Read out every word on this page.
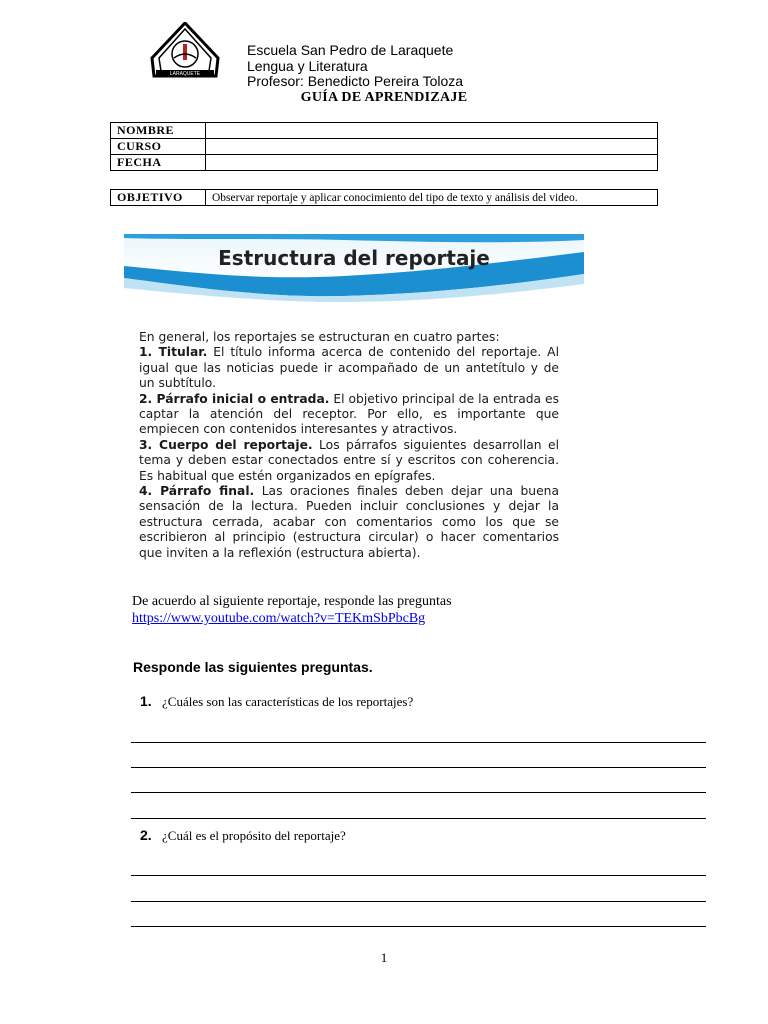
LARAQUETE
Escuela San Pedro de Laraquete
Lengua y Literatura
Profesor: Benedicto Pereira Toloza
GUÍA DE APRENDIZAJE
NOMBRE	
CURSO	
FECHA	
OBJETIVO	Observar reportaje y aplicar conocimiento del tipo de texto y análisis del video.
Estructura del reportaje

En general, los reportajes se estructuran en cuatro partes:

1. Titular. El título informa acerca de contenido del reportaje. Al igual que las noticias puede ir acompañado de un antetítulo y de un subtítulo.

2. Párrafo inicial o entrada. El objetivo principal de la entrada es captar la atención del receptor. Por ello, es importante que empiecen con contenidos interesantes y atractivos.

3. Cuerpo del reportaje. Los párrafos siguientes desarrollan el tema y deben estar conectados entre sí y escritos con coherencia. Es habitual que estén organizados en epígrafes.

4. Párrafo final. Las oraciones finales deben dejar una buena sensación de la lectura. Pueden incluir conclusiones y dejar la estructura cerrada, acabar con comentarios como los que se escribieron al principio (estructura circular) o hacer comentarios que inviten a la reflexión (estructura abierta).

De acuerdo al siguiente reportaje, responde las preguntas
https://www.youtube.com/watch?v=TEKmSbPbcBg
Responde las siguientes preguntas.
1. ¿Cuáles son las características de los reportajes?
2. ¿Cuál es el propósito del reportaje?
1
